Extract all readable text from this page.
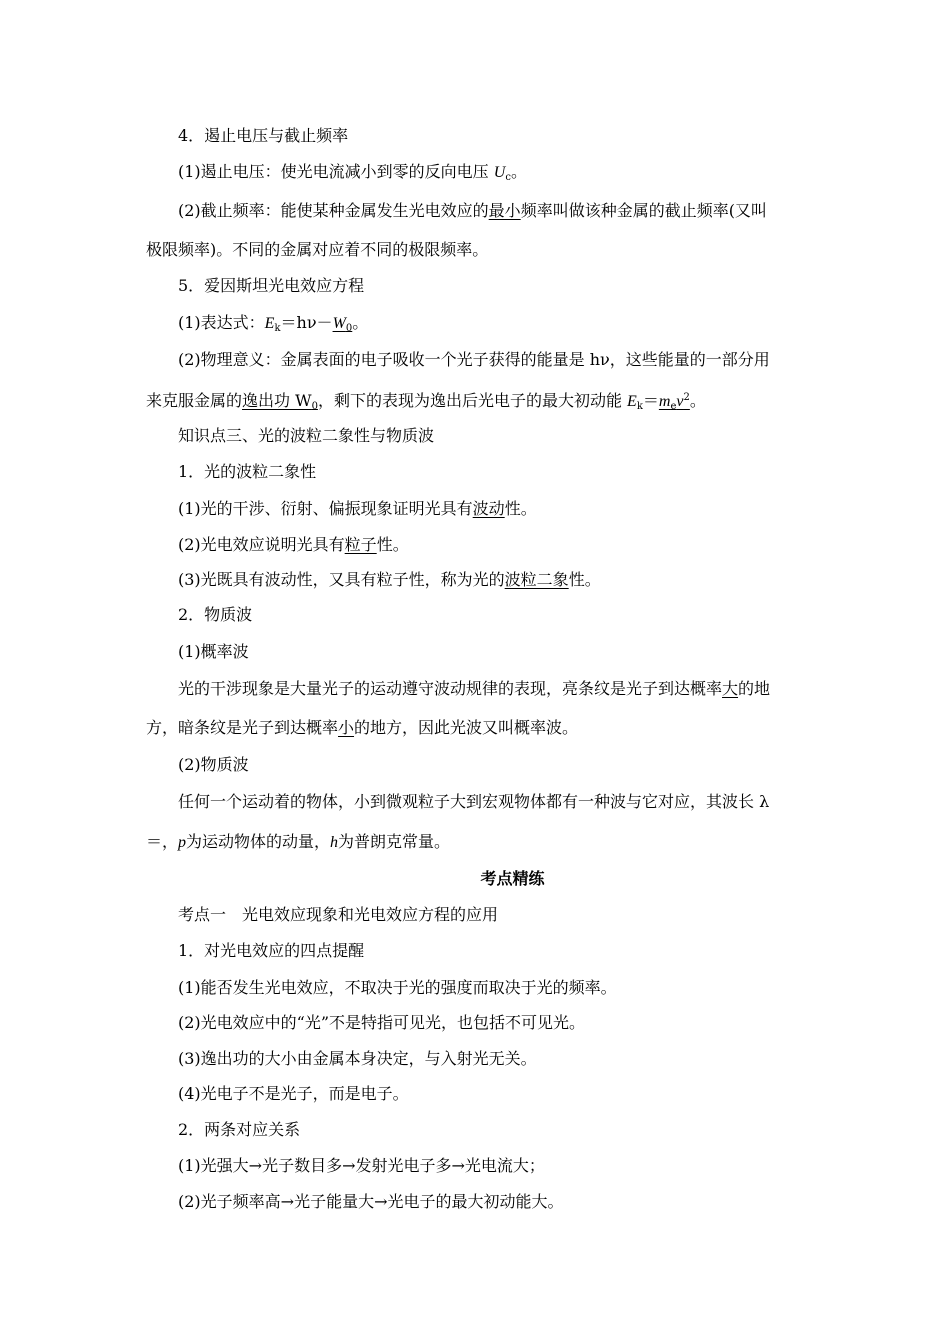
4．遏止电压与截止频率
(1)遏止电压：使光电流减小到零的反向电压 $U_c$。
(2)截止频率：能使某种金属发生光电效应的最小频率叫做该种金属的截止频率(又叫
极限频率)。不同的金属对应着不同的极限频率。
5．爱因斯坦光电效应方程
(1)表达式：$E_k=h\nu-W_0$。
(2)物理意义：金属表面的电子吸收一个光子获得的能量是 hν，这些能量的一部分用
来克服金属的逸出功 $W_0$，剩下的表现为逸出后光电子的最大初动能 $E_k=m_ev^2$。
知识点三、光的波粒二象性与物质波
1．光的波粒二象性
(1)光的干涉、衍射、偏振现象证明光具有波动性。
(2)光电效应说明光具有粒子性。
(3)光既具有波动性，又具有粒子性，称为光的波粒二象性。
2．物质波
(1)概率波
光的干涉现象是大量光子的运动遵守波动规律的表现，亮条纹是光子到达概率大的地
方，暗条纹是光子到达概率小的地方，因此光波又叫概率波。
(2)物质波
任何一个运动着的物体，小到微观粒子大到宏观物体都有一种波与它对应，其波长 λ
＝，p为运动物体的动量，h为普朗克常量。
考点精练
考点一　光电效应现象和光电效应方程的应用
1．对光电效应的四点提醒
(1)能否发生光电效应，不取决于光的强度而取决于光的频率。
(2)光电效应中的“光”不是特指可见光，也包括不可见光。
(3)逸出功的大小由金属本身决定，与入射光无关。
(4)光电子不是光子，而是电子。
2．两条对应关系
(1)光强大→光子数目多→发射光电子多→光电流大；
(2)光子频率高→光子能量大→光电子的最大初动能大。
